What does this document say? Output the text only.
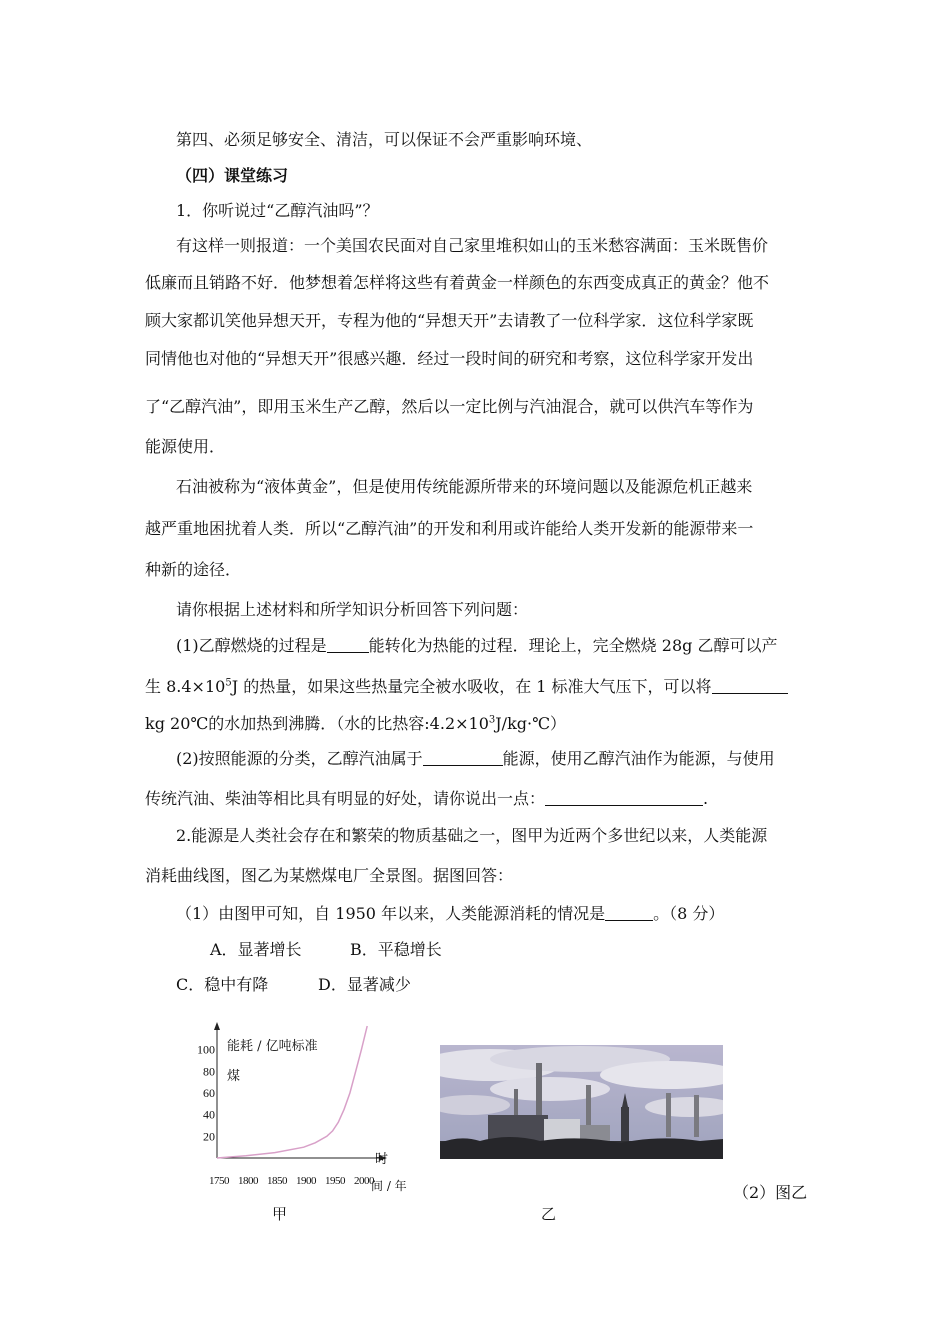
第四、必须足够安全、清洁，可以保证不会严重影响环境、
（四）课堂练习
1．你听说过“乙醇汽油吗”？
有这样一则报道：一个美国农民面对自己家里堆积如山的玉米愁容满面：玉米既售价
低廉而且销路不好．他梦想着怎样将这些有着黄金一样颜色的东西变成真正的黄金？他不
顾大家都讥笑他异想天开，专程为他的“异想天开”去请教了一位科学家．这位科学家既
同情他也对他的“异想天开”很感兴趣．经过一段时间的研究和考察，这位科学家开发出
了“乙醇汽油”，即用玉米生产乙醇，然后以一定比例与汽油混合，就可以供汽车等作为
能源使用．
石油被称为“液体黄金”，但是使用传统能源所带来的环境问题以及能源危机正越来
越严重地困扰着人类．所以“乙醇汽油”的开发和利用或许能给人类开发新的能源带来一
种新的途径．
请你根据上述材料和所学知识分析回答下列问题：
(1)乙醇燃烧的过程是	能转化为热能的过程．理论上，完全燃烧 28g 乙醇可以产
生 $8.4\times 10^5J$ 的热量，如果这些热量完全被水吸收，在 1 标准大气压下，可以将
kg 20℃的水加热到沸腾．（水的比热容$:4.2\times 10^3J/kg\cdot℃$）
(2)按照能源的分类，乙醇汽油属于	能源，使用乙醇汽油作为能源，与使用
传统汽油、柴油等相比具有明显的好处，请你说出一点：	.
2.能源是人类社会存在和繁荣的物质基础之一，图甲为近两个多世纪以来，人类能源
消耗曲线图，图乙为某燃煤电厂全景图。据图回答：
（1）由图甲可知，自 1950 年以来，人类能源消耗的情况是	。（8 分）
A．显著增长	B．平稳增长
C．稳中有降	D．显著减少
能耗 / 亿吨标准
煤
时
间 / 年
100
80
60
40
20
1750 1800 1850 1900 1950 2000
甲	乙
（2）图乙
